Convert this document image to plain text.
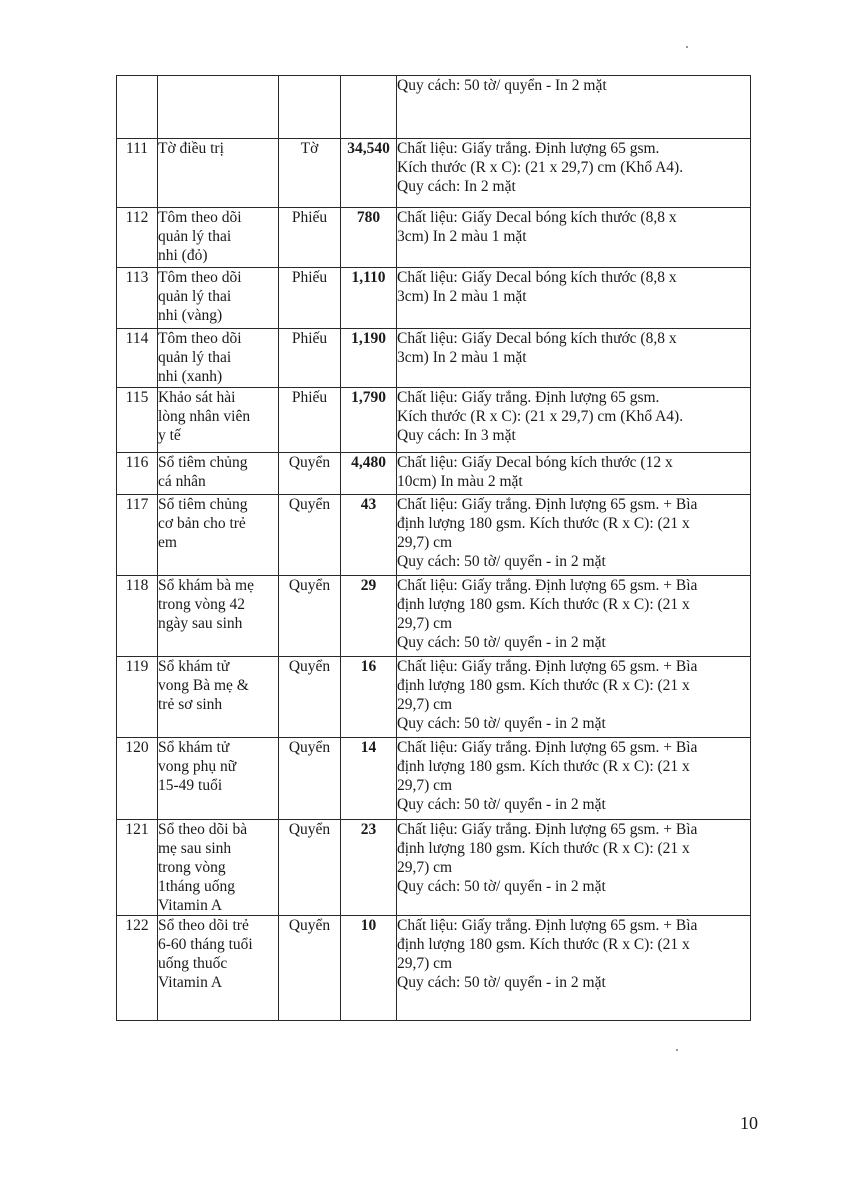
				Quy cách: 50 tờ/ quyển - In 2 mặt

111	Tờ điều trị	Tờ	34,540	Chất liệu: Giấy trắng. Định lượng 65 gsm.
Kích thước (R x C): (21 x 29,7) cm (Khổ A4).
Quy cách: In 2 mặt

112	Tôm theo dõi
quản lý thai
nhi (đỏ)	Phiếu	780	Chất liệu: Giấy Decal bóng kích thước (8,8 x
3cm) In 2 màu 1 mặt

113	Tôm theo dõi
quản lý thai
nhi (vàng)	Phiếu	1,110	Chất liệu: Giấy Decal bóng kích thước (8,8 x
3cm) In 2 màu 1 mặt

114	Tôm theo dõi
quản lý thai
nhi (xanh)	Phiếu	1,190	Chất liệu: Giấy Decal bóng kích thước (8,8 x
3cm) In 2 màu 1 mặt

115	Khảo sát hài
lòng nhân viên
y tế	Phiếu	1,790	Chất liệu: Giấy trắng. Định lượng 65 gsm.
Kích thước (R x C): (21 x 29,7) cm (Khổ A4).
Quy cách: In 3 mặt

116	Sổ tiêm chủng
cá nhân	Quyển	4,480	Chất liệu: Giấy Decal bóng kích thước (12 x
10cm) In màu 2 mặt

117	Sổ tiêm chủng
cơ bản cho trẻ
em	Quyển	43	Chất liệu: Giấy trắng. Định lượng 65 gsm. + Bìa
định lượng 180 gsm. Kích thước (R x C): (21 x
29,7) cm
Quy cách: 50 tờ/ quyển - in 2 mặt

118	Sổ khám bà mẹ
trong vòng 42
ngày sau sinh	Quyển	29	Chất liệu: Giấy trắng. Định lượng 65 gsm. + Bìa
định lượng 180 gsm. Kích thước (R x C): (21 x
29,7) cm
Quy cách: 50 tờ/ quyển - in 2 mặt

119	Sổ khám tử
vong Bà mẹ &
trẻ sơ sinh	Quyển	16	Chất liệu: Giấy trắng. Định lượng 65 gsm. + Bìa
định lượng 180 gsm. Kích thước (R x C): (21 x
29,7) cm
Quy cách: 50 tờ/ quyển - in 2 mặt

120	Sổ khám tử
vong phụ nữ
15-49 tuổi	Quyển	14	Chất liệu: Giấy trắng. Định lượng 65 gsm. + Bìa
định lượng 180 gsm. Kích thước (R x C): (21 x
29,7) cm
Quy cách: 50 tờ/ quyển - in 2 mặt

121	Sổ theo dõi bà
mẹ sau sinh
trong vòng
1tháng uống
Vitamin A	Quyển	23	Chất liệu: Giấy trắng. Định lượng 65 gsm. + Bìa
định lượng 180 gsm. Kích thước (R x C): (21 x
29,7) cm
Quy cách: 50 tờ/ quyển - in 2 mặt

122	Sổ theo dõi trẻ
6-60 tháng tuổi
uống thuốc
Vitamin A	Quyển	10	Chất liệu: Giấy trắng. Định lượng 65 gsm. + Bìa
định lượng 180 gsm. Kích thước (R x C): (21 x
29,7) cm
Quy cách: 50 tờ/ quyển - in 2 mặt
10
